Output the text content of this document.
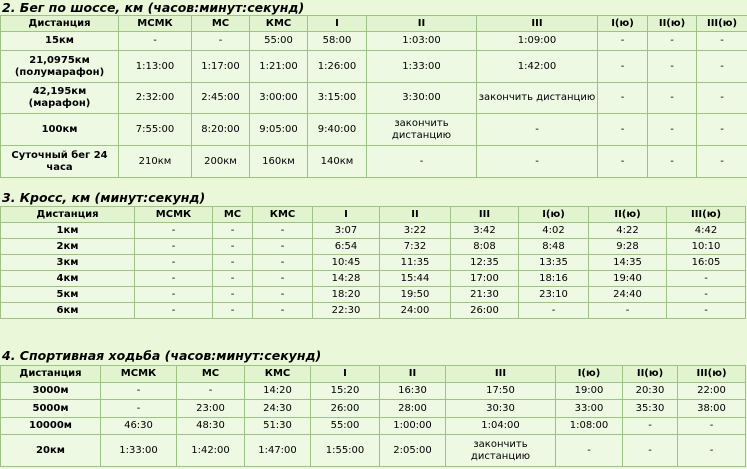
2. Бег по шоссе, км (часов:минут:секунд)
Дистанция	МСМК	МС	КМС	I	II	III	I(ю)	II(ю)	III(ю)
15км	-	-	55:00	58:00	1:03:00	1:09:00	-	-	-
21,0975км (полумарафон)	1:13:00	1:17:00	1:21:00	1:26:00	1:33:00	1:42:00	-	-	-
42,195км (марафон)	2:32:00	2:45:00	3:00:00	3:15:00	3:30:00	закончить дистанцию	-	-	-
100км	7:55:00	8:20:00	9:05:00	9:40:00	закончить дистанцию	-	-	-	-
Суточный бег 24 часа	210км	200км	160км	140км	-	-	-	-	-
3. Кросс, км (минут:секунд)
Дистанция	МСМК	МС	КМС	I	II	III	I(ю)	II(ю)	III(ю)
1км	-	-	-	3:07	3:22	3:42	4:02	4:22	4:42
2км	-	-	-	6:54	7:32	8:08	8:48	9:28	10:10
3км	-	-	-	10:45	11:35	12:35	13:35	14:35	16:05
4км	-	-	-	14:28	15:44	17:00	18:16	19:40	-
5км	-	-	-	18:20	19:50	21:30	23:10	24:40	-
6км	-	-	-	22:30	24:00	26:00	-	-	-
4. Спортивная ходьба (часов:минут:секунд)
Дистанция	МСМК	МС	КМС	I	II	III	I(ю)	II(ю)	III(ю)
3000м	-	-	14:20	15:20	16:30	17:50	19:00	20:30	22:00
5000м	-	23:00	24:30	26:00	28:00	30:30	33:00	35:30	38:00
10000м	46:30	48:30	51:30	55:00	1:00:00	1:04:00	1:08:00	-	-
20км	1:33:00	1:42:00	1:47:00	1:55:00	2:05:00	закончить дистанцию	-	-	-
